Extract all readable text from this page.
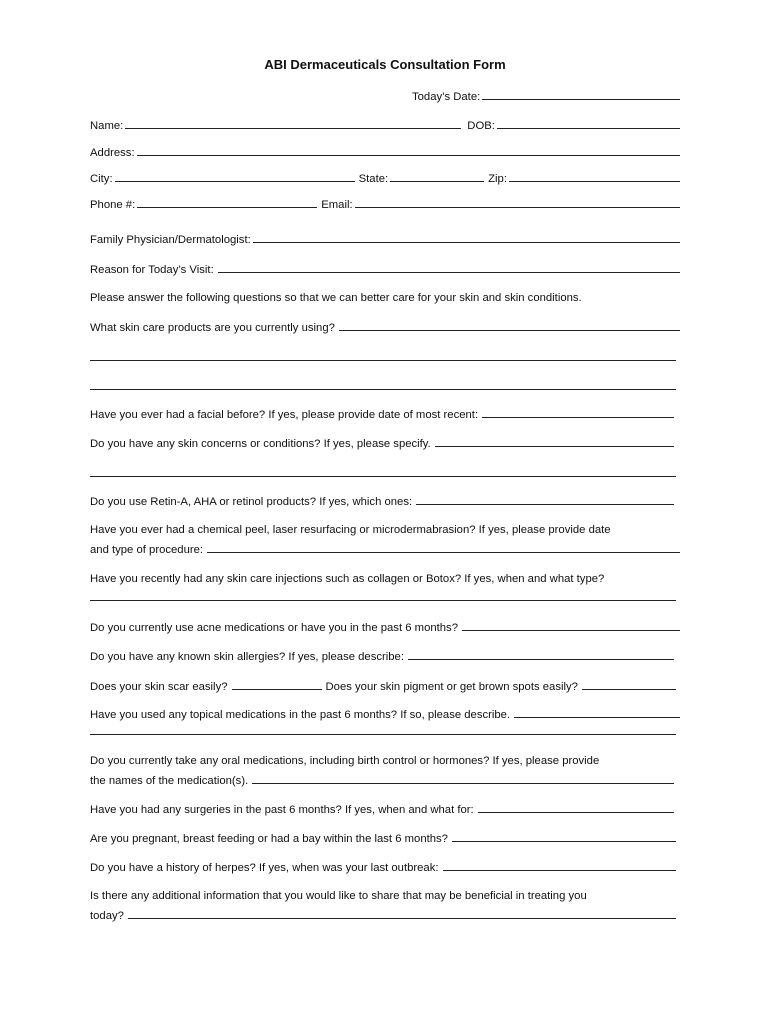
ABI Dermaceuticals Consultation Form
Today’s Date:
Name:	DOB:
Address:
City:	State:	Zip:
Phone #:	Email:
Family Physician/Dermatologist:
Reason for Today’s Visit:
Please answer the following questions so that we can better care for your skin and skin conditions.
What skin care products are you currently using?
Have you ever had a facial before? If yes, please provide date of most recent:
Do you have any skin concerns or conditions? If yes, please specify.
Do you use Retin-A, AHA or retinol products? If yes, which ones:
Have you ever had a chemical peel, laser resurfacing or microdermabrasion? If yes, please provide date
and type of procedure:
Have you recently had any skin care injections such as collagen or Botox? If yes, when and what type?
Do you currently use acne medications or have you in the past 6 months?
Do you have any known skin allergies? If yes, please describe:
Does your skin scar easily?	Does your skin pigment or get brown spots easily?
Have you used any topical medications in the past 6 months? If so, please describe.
Do you currently take any oral medications, including birth control or hormones? If yes, please provide
the names of the medication(s).
Have you had any surgeries in the past 6 months? If yes, when and what for:
Are you pregnant, breast feeding or had a bay within the last 6 months?
Do you have a history of herpes? If yes, when was your last outbreak:
Is there any additional information that you would like to share that may be beneficial in treating you
today?
